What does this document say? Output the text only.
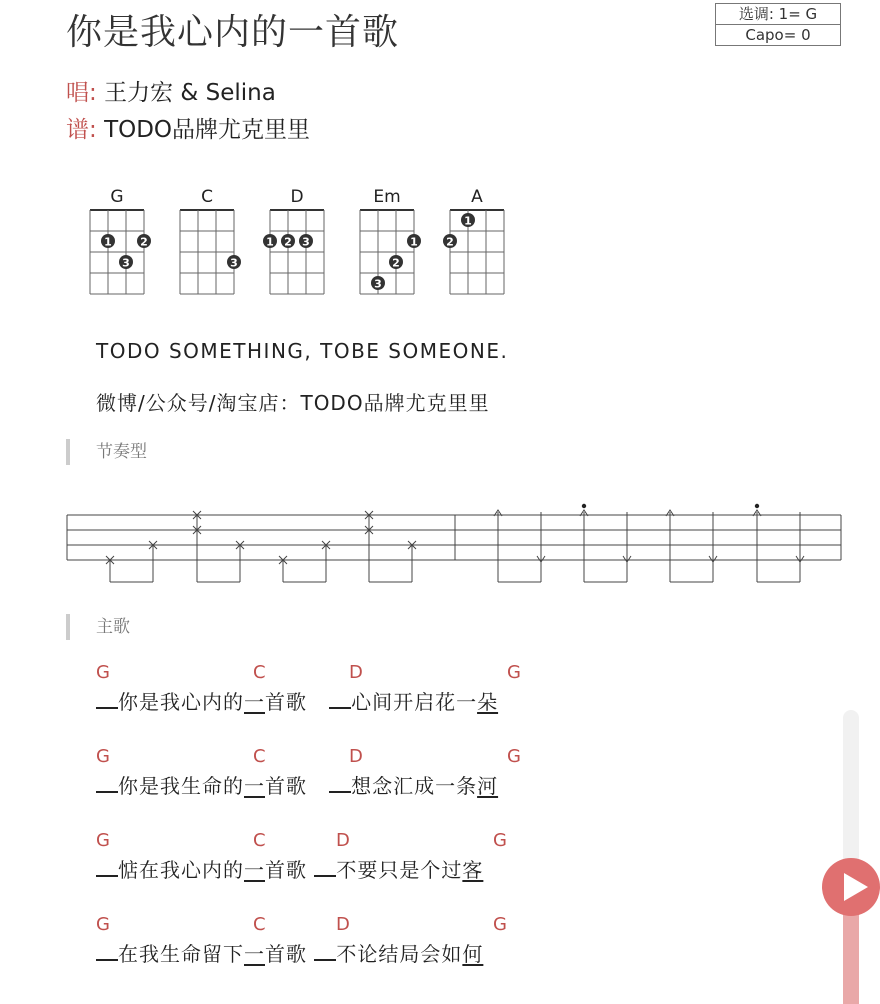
你是我心内的一首歌	选调: 1= G
Capo= 0
唱: 王力宏 & Selina
谱: TODO品牌尤克里里
G
1	2
3
C
3
D
1 2 3
Em
1
2
3
A
1
2
TODO SOMETHING, TOBE SOMEONE.
微博/公众号/淘宝店：TODO品牌尤克里里
节奏型
主歌
G	C	D	G
你是我心内的一首歌 心间开启花一朵
G	C	D	G
你是我生命的一首歌 想念汇成一条河
G	C	D	G
惦在我心内的一首歌 不要只是个过客
G	C	D	G
在我生命留下一首歌 不论结局会如何
